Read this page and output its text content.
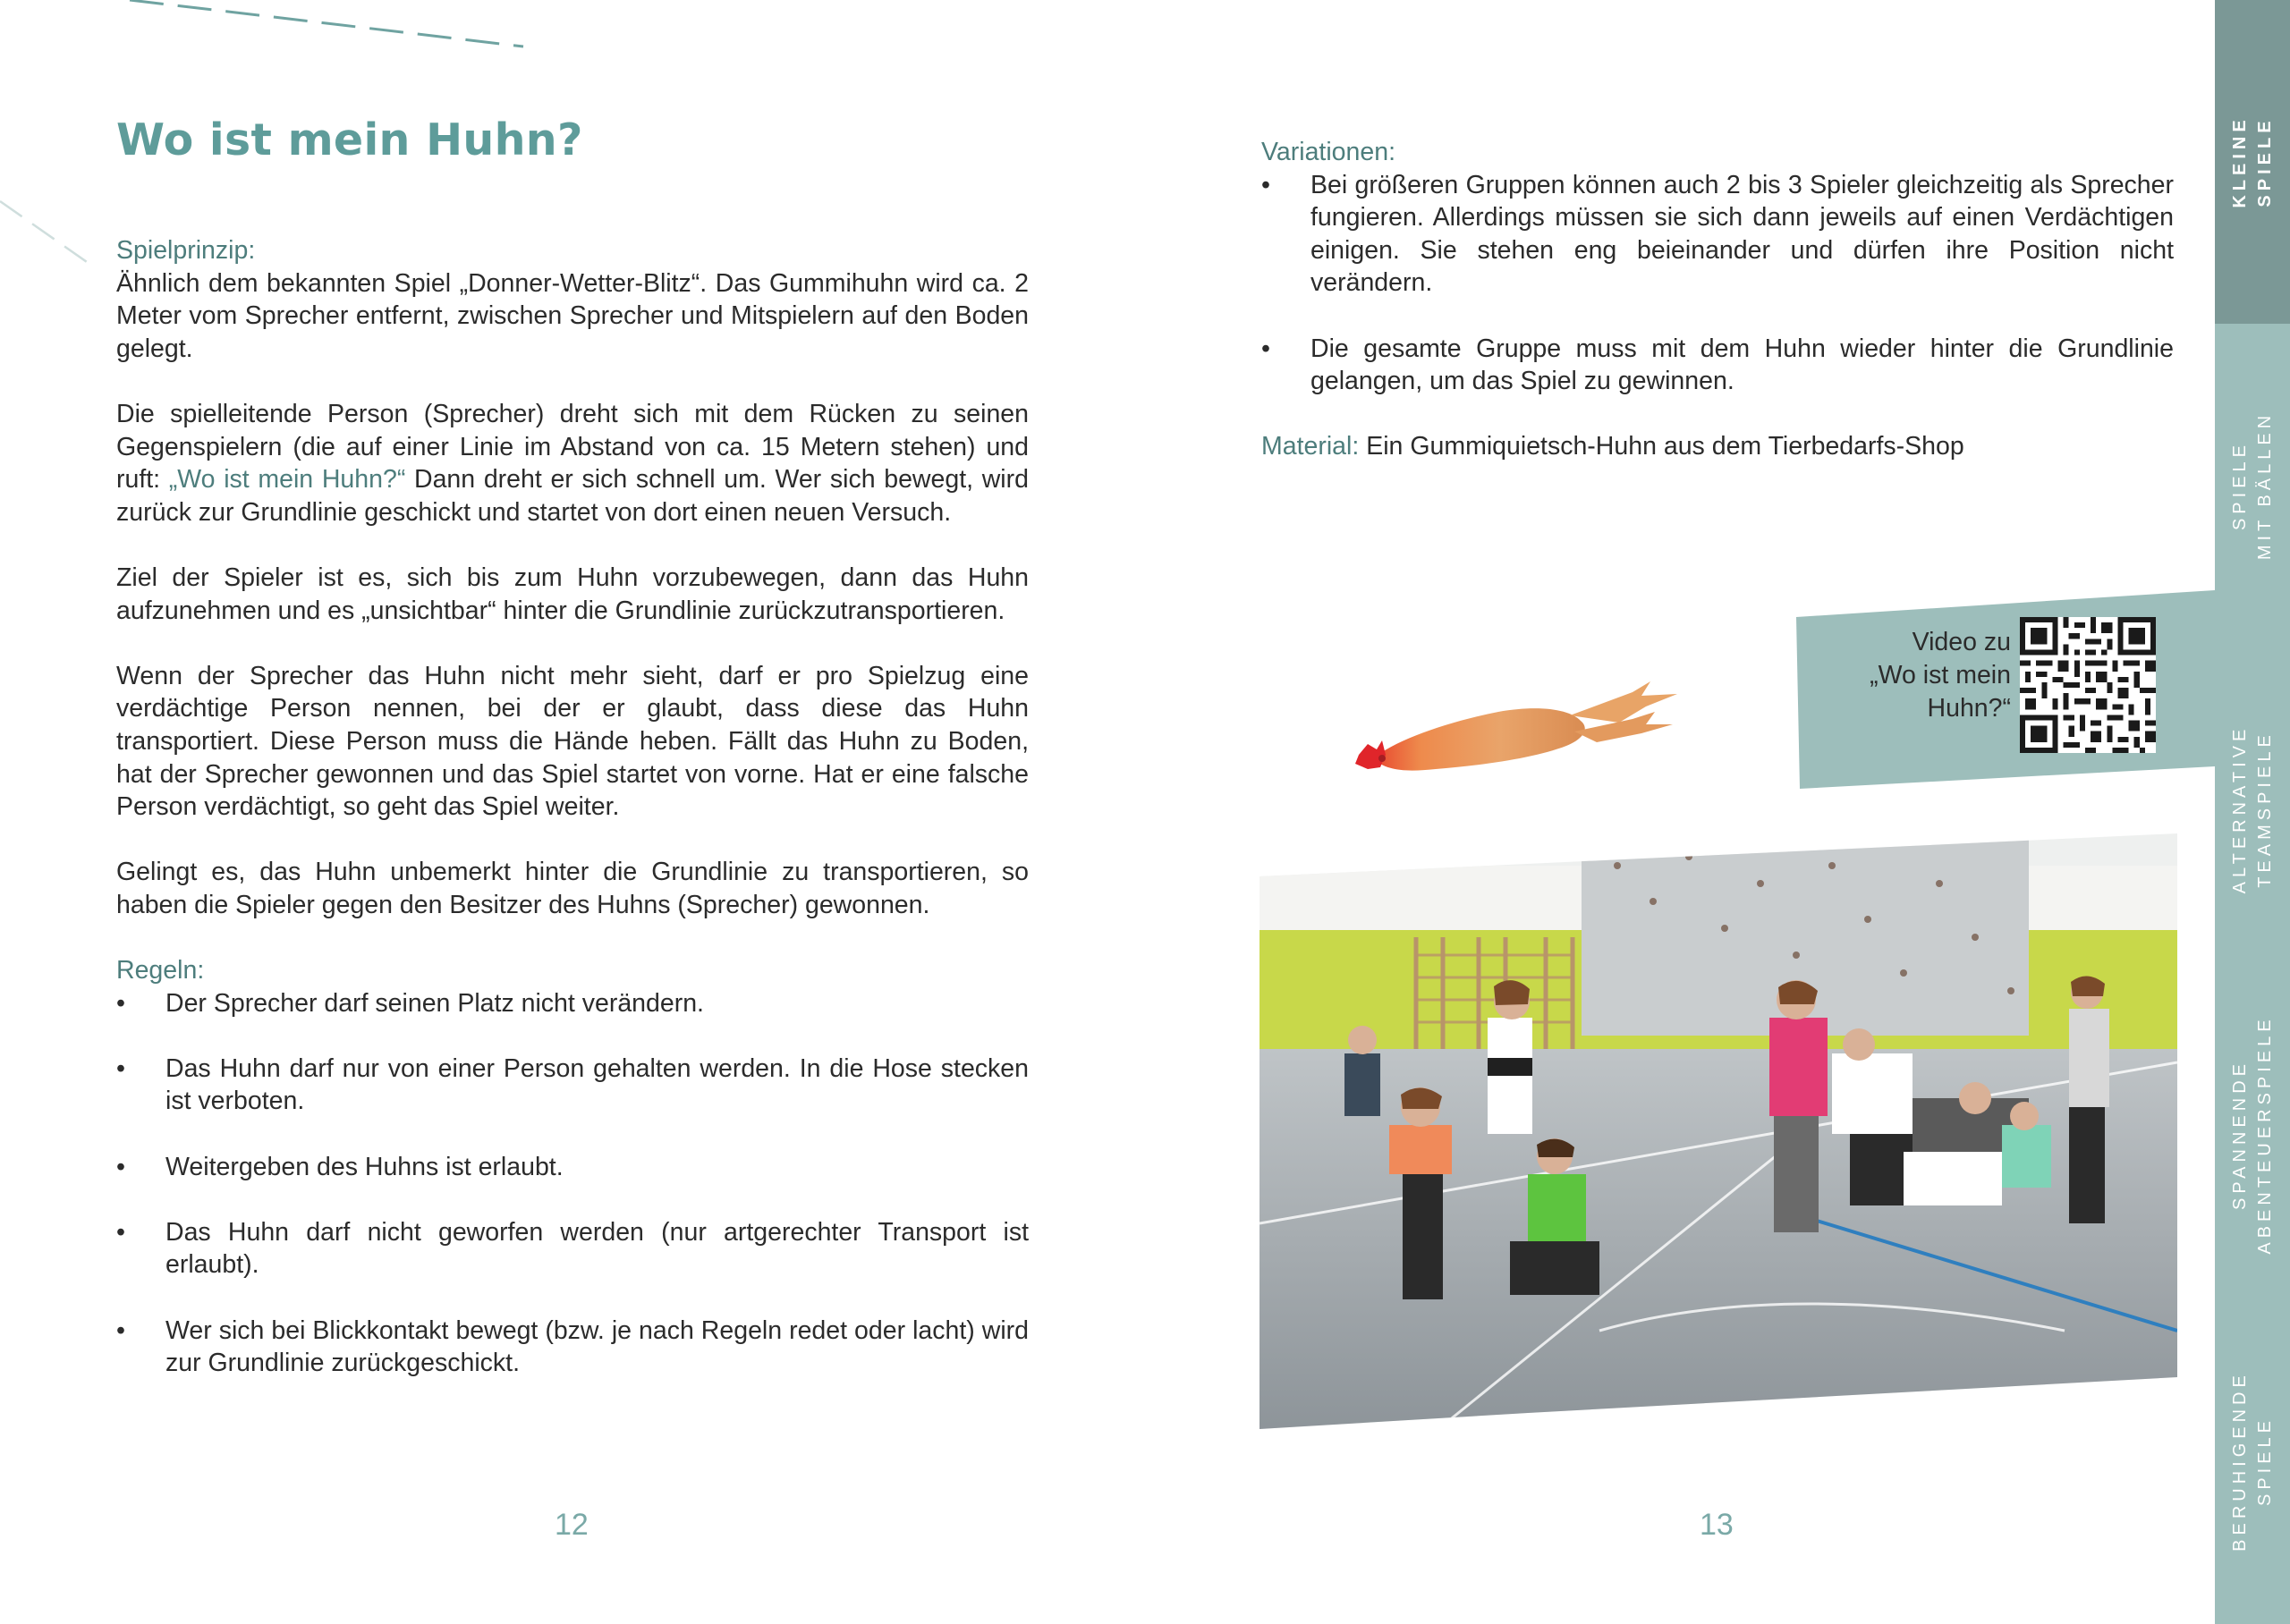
Wo ist mein Huhn?

Spielprinzip:

Ähnlich dem bekannten Spiel „Donner-Wetter-Blitz“. Das Gummihuhn wird ca. 2 Meter vom Sprecher entfernt, zwischen Sprecher und Mitspielern auf den Boden gelegt.

Die spielleitende Person (Sprecher) dreht sich mit dem Rücken zu seinen Gegenspielern (die auf einer Linie im Abstand von ca. 15 Metern stehen) und ruft: „Wo ist mein Huhn?“ Dann dreht er sich schnell um. Wer sich bewegt, wird zurück zur Grundlinie geschickt und startet von dort einen neuen Versuch.

Ziel der Spieler ist es, sich bis zum Huhn vorzubewegen, dann das Huhn aufzunehmen und es „unsichtbar“ hinter die Grundlinie zurückzutransportieren.

Wenn der Sprecher das Huhn nicht mehr sieht, darf er pro Spielzug eine verdächtige Person nennen, bei der er glaubt, dass diese das Huhn transportiert. Diese Person muss die Hände heben. Fällt das Huhn zu Boden, hat der Sprecher gewonnen und das Spiel startet von vorne. Hat er eine falsche Person verdächtigt, so geht das Spiel weiter.

Gelingt es, das Huhn unbemerkt hinter die Grundlinie zu transportieren, so haben die Spieler gegen den Besitzer des Huhns (Sprecher) gewonnen.

Regeln:

•	Der Sprecher darf seinen Platz nicht verändern.
•	Das Huhn darf nur von einer Person gehalten werden. In die Hose stecken ist verboten.
•	Weitergeben des Huhns ist erlaubt.
•	Das Huhn darf nicht geworfen werden (nur artgerechter Transport ist erlaubt).
•	Wer sich bei Blickkontakt bewegt (bzw. je nach Regeln redet oder lacht) wird zur Grundlinie zurückgeschickt.
12

Variationen:

•	Bei größeren Gruppen können auch 2 bis 3 Spieler gleichzeitig als Sprecher fungieren. Allerdings müssen sie sich dann jeweils auf einen Verdächtigen einigen. Sie stehen eng beieinander und dürfen ihre Position nicht verändern.
•	Die gesamte Gruppe muss mit dem Huhn wieder hinter die Grundlinie gelangen, um das Spiel zu gewinnen.

Material: Ein Gummiquietsch-Huhn aus dem Tierbedarfs-Shop

Video zu
„Wo ist mein
Huhn?“
13
KLEINE SPIELE
SPIELE MIT BÄLLEN
ALTERNATIVE TEAMSPIELE
SPANNENDE ABENTEUERSPIELE
BERUHIGENDE SPIELE
